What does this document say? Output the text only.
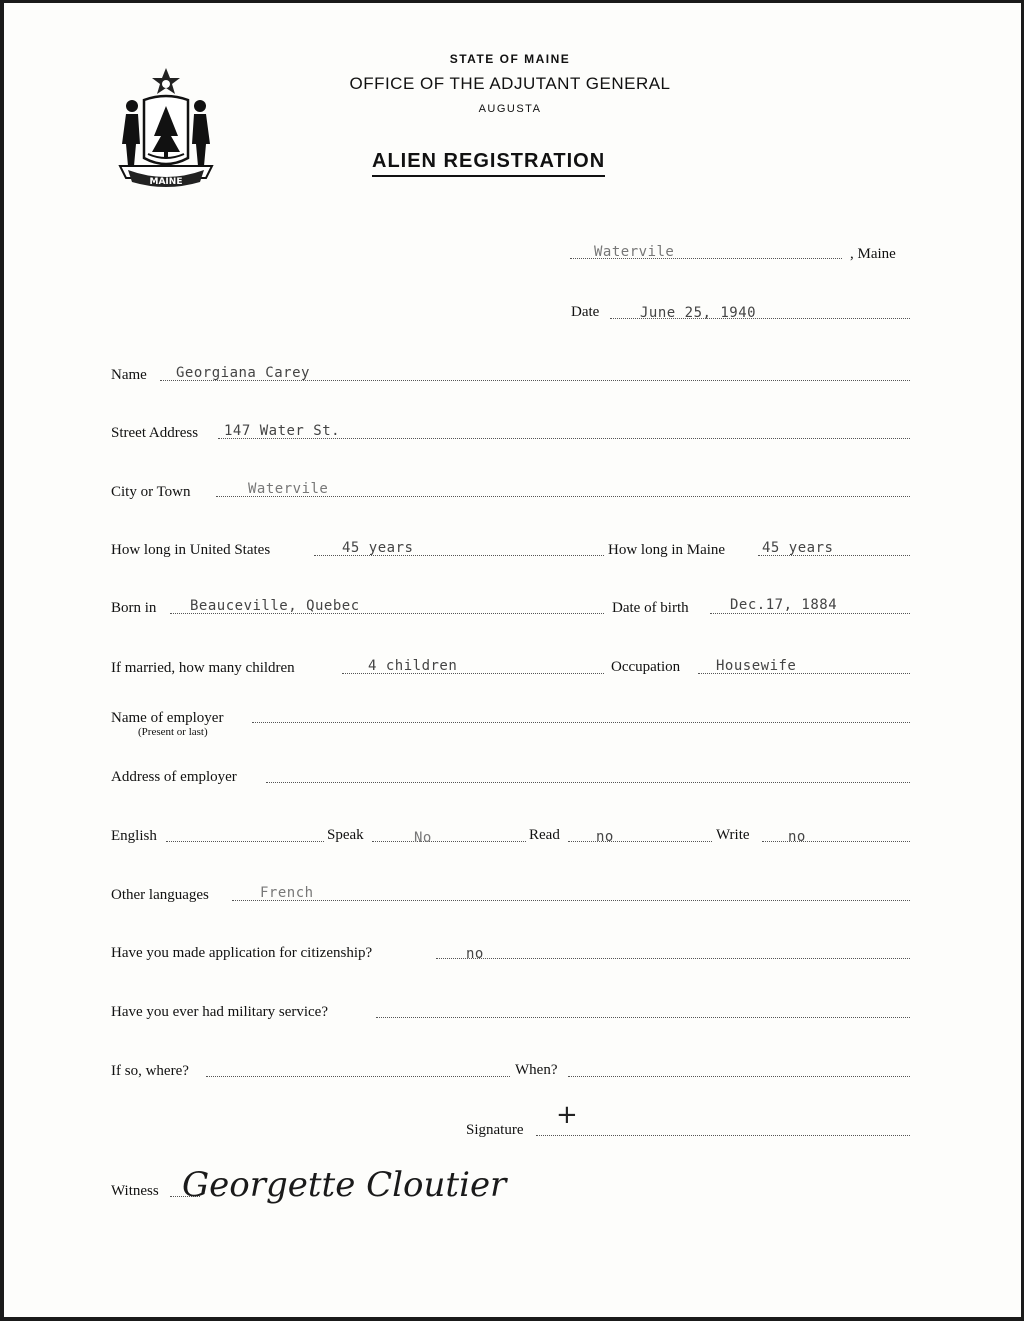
MAINE
STATE OF MAINE
OFFICE OF THE ADJUTANT GENERAL
AUGUSTA
ALIEN REGISTRATION
Watervile	, Maine
Date	June 25, 1940
Name Georgiana Carey
Street Address 147 Water St.
City or Town	Watervile
How long in United States	45 years	How long in Maine	45 years
Born in Beauceville, Quebec	Date of birth	Dec.17, 1884
If married, how many children	4 children	Occupation	Housewife
Name of employer
(Present or last)
Address of employer
English	Speak	No	Read	no	Write	no
Other languages	French
Have you made application for citizenship?	no
Have you ever had military service?
If so, where?	When?
Signature +
Witness Georgette Cloutier
